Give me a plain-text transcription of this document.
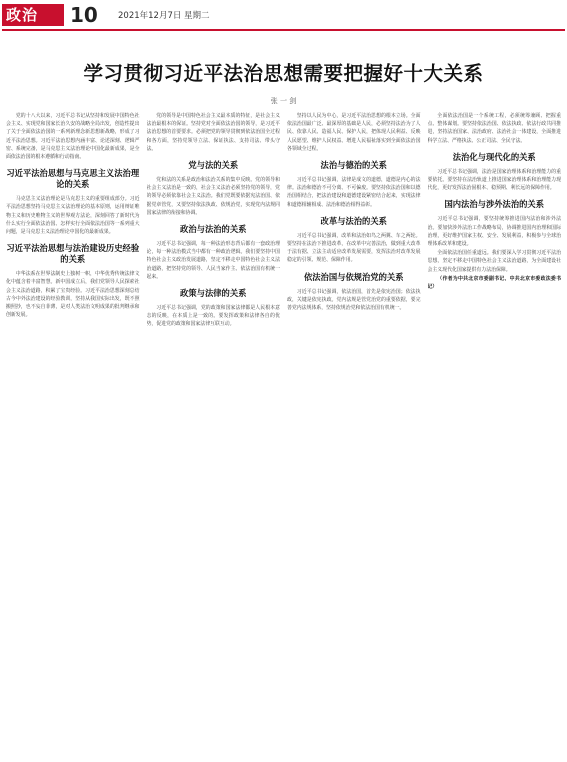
政治	10 2021年12月7日 星期二
学习贯彻习近平法治思想需要把握好十大关系
张 一 剑

党的十八大以来，习近平总书记从坚持和发展中国特色社会主义、实现党和国家长治久安的战略全局出发，创造性提出了关于全面依法治国的一系列新理念新思想新战略，形成了习近平法治思想。习近平法治思想内涵丰富、论述深刻、逻辑严密、系统完备，是马克思主义法治理论中国化最新成果，是全面依法治国的根本遵循和行动指南。

习近平法治思想与马克思主义法治理论的关系

马克思主义法治理论是马克思主义的重要组成部分。习近平法治思想坚持马克思主义法治理论的基本原则，运用辩证唯物主义和历史唯物主义的世界观方法论，深刻回答了新时代为什么实行全面依法治国、怎样实行全面依法治国等一系列重大问题，是马克思主义法治理论中国化的最新成果。

习近平法治思想与法治建设历史经验的关系

中华法系在世界法制史上独树一帜，中华优秀传统法律文化中蕴含着丰富智慧。新中国成立后，我们党领导人民探索社会主义法治道路，积累了宝贵经验。习近平法治思想深刻总结古今中外法治建设的经验教训，坚持从我国实际出发，既不照搬照抄，也不妄自菲薄，是对人类法治文明成果的批判继承和创新发展。

党的领导是中国特色社会主义最本质的特征，是社会主义法治最根本的保证。坚持党对全面依法治国的领导，是习近平法治思想的首要要求。必须把党的领导贯彻到依法治国全过程和各方面，坚持党领导立法、保证执法、支持司法、带头守法。

党与法的关系

党和法的关系是政治和法治关系的集中反映。党的领导和社会主义法治是一致的，社会主义法治必须坚持党的领导，党的领导必须依靠社会主义法治。我们党既要依据宪法治国、依据党章管党，又要坚持依法执政、依规治党，实现党内法规同国家法律的衔接和协调。

政治与法治的关系

习近平总书记强调，每一种法治形态背后都有一套政治理论，每一种法治模式当中都有一种政治逻辑。我们要坚持中国特色社会主义政治发展道路，坚定不移走中国特色社会主义法治道路，把坚持党的领导、人民当家作主、依法治国有机统一起来。

政策与法律的关系

习近平总书记强调，党的政策和国家法律都是人民根本意志的反映，在本质上是一致的。要发挥政策和法律各自的优势，促进党的政策和国家法律互联互动。

坚持以人民为中心，是习近平法治思想的根本立场。全面依法治国最广泛、最深厚的基础是人民，必须坚持法治为了人民、依靠人民、造福人民、保护人民，把体现人民利益、反映人民愿望、维护人民权益、增进人民福祉落实到全面依法治国各领域全过程。

法治与德治的关系

习近平总书记强调，法律是成文的道德，道德是内心的法律。法治和德治不可分离、不可偏废。要坚持依法治国和以德治国相结合，把法治建设和道德建设紧密结合起来，实现法律和道德相辅相成、法治和德治相得益彰。

改革与法治的关系

习近平总书记强调，改革和法治如鸟之两翼、车之两轮。要坚持在法治下推进改革，在改革中完善法治，做到重大改革于法有据、立法主动适应改革发展需要，发挥法治对改革发展稳定的引领、规范、保障作用。

依法治国与依规治党的关系

习近平总书记强调，依法治国，首先是依宪治国；依法执政，关键是依宪执政。党内法规是管党治党的重要依据，要完善党内法规体系，坚持依规治党和依法治国有机统一。

全面依法治国是一个系统工程，必须统筹兼顾、把握重点、整体谋划。要坚持依法治国、依法执政、依法行政共同推进，坚持法治国家、法治政府、法治社会一体建设，全面推进科学立法、严格执法、公正司法、全民守法。

法治化与现代化的关系

习近平总书记强调，法治是国家治理体系和治理能力的重要依托。要坚持在法治轨道上推进国家治理体系和治理能力现代化，更好发挥法治固根本、稳预期、利长远的保障作用。

国内法治与涉外法治的关系

习近平总书记强调，要坚持统筹推进国内法治和涉外法治。要加快涉外法治工作战略布局，协调推进国内治理和国际治理，更好维护国家主权、安全、发展利益，积极参与全球治理体系改革和建设。

全面依法治国任重道远。我们要深入学习贯彻习近平法治思想，坚定不移走中国特色社会主义法治道路，为全面建设社会主义现代化国家提供有力法治保障。

（作者为中共北京市委副书记、中共北京市委政法委书记）
